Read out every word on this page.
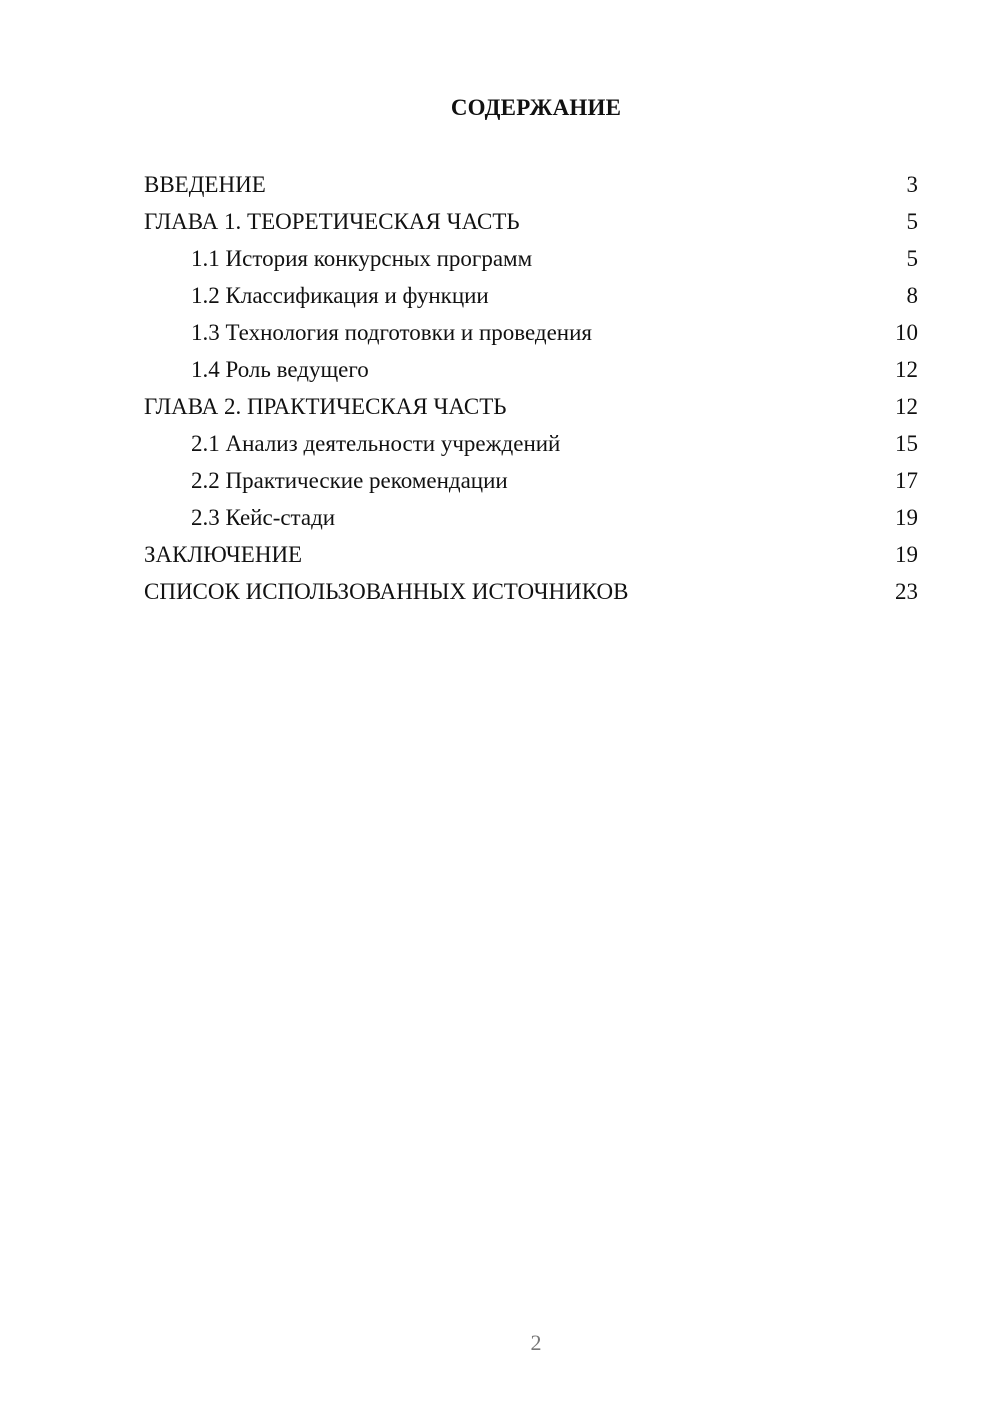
СОДЕРЖАНИЕ
ВВЕДЕНИЕ	3
ГЛАВА 1. ТЕОРЕТИЧЕСКАЯ ЧАСТЬ	5
1.1 История конкурсных программ	5
1.2 Классификация и функции	8
1.3 Технология подготовки и проведения	10
1.4 Роль ведущего	12
ГЛАВА 2. ПРАКТИЧЕСКАЯ ЧАСТЬ	12
2.1 Анализ деятельности учреждений	15
2.2 Практические рекомендации	17
2.3 Кейс-стади	19
ЗАКЛЮЧЕНИЕ	19
СПИСОК ИСПОЛЬЗОВАННЫХ ИСТОЧНИКОВ	23
2
